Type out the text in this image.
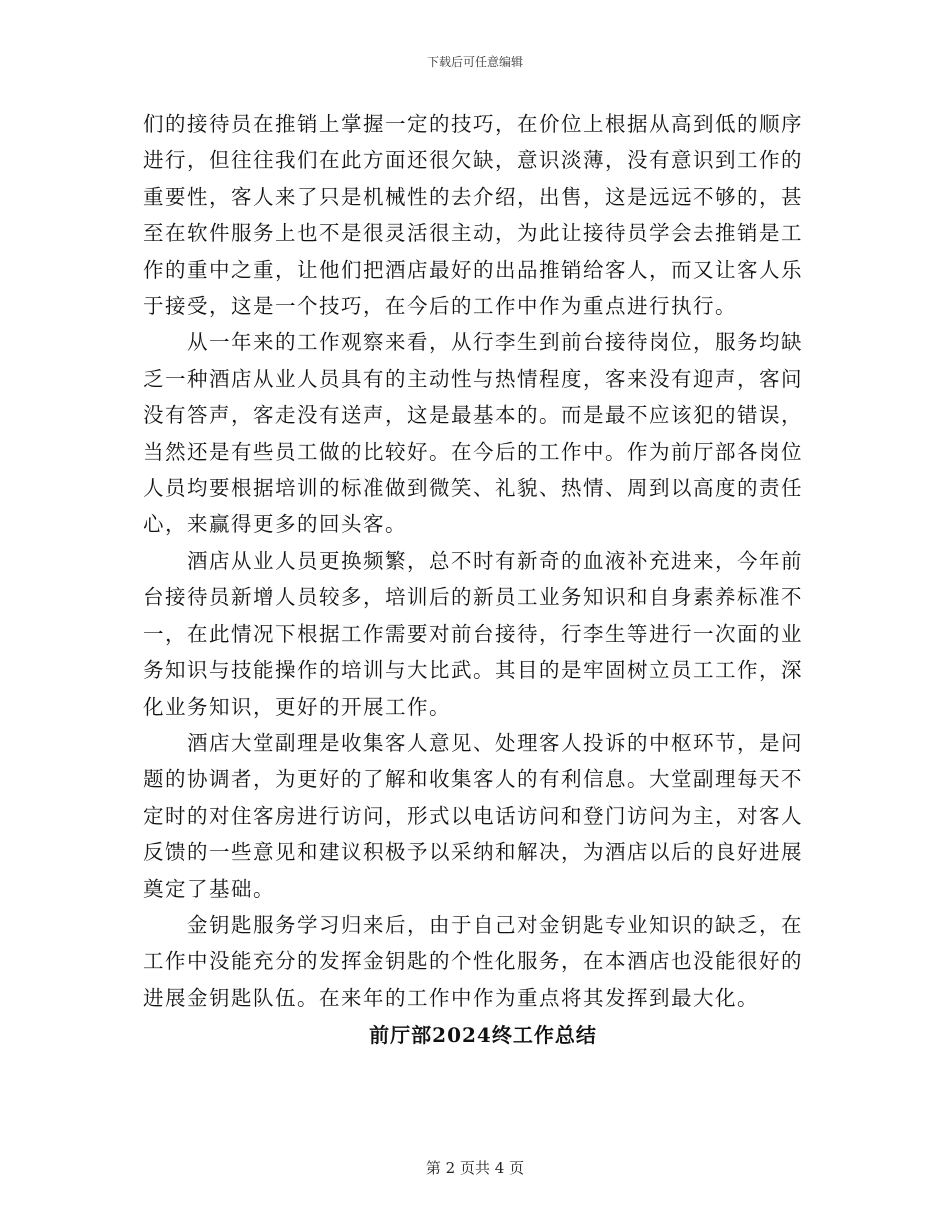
下载后可任意编辑

们的接待员在推销上掌握一定的技巧，在价位上根据从高到低的顺序进行，但往往我们在此方面还很欠缺，意识淡薄，没有意识到工作的重要性，客人来了只是机械性的去介绍，出售，这是远远不够的，甚至在软件服务上也不是很灵活很主动，为此让接待员学会去推销是工作的重中之重，让他们把酒店最好的出品推销给客人，而又让客人乐于接受，这是一个技巧，在今后的工作中作为重点进行执行。

从一年来的工作观察来看，从行李生到前台接待岗位，服务均缺乏一种酒店从业人员具有的主动性与热情程度，客来没有迎声，客问没有答声，客走没有送声，这是最基本的。而是最不应该犯的错误，当然还是有些员工做的比较好。在今后的工作中。作为前厅部各岗位人员均要根据培训的标准做到微笑、礼貌、热情、周到以高度的责任心，来赢得更多的回头客。

酒店从业人员更换频繁，总不时有新奇的血液补充进来，今年前台接待员新增人员较多，培训后的新员工业务知识和自身素养标准不一，在此情况下根据工作需要对前台接待，行李生等进行一次面的业务知识与技能操作的培训与大比武。其目的是牢固树立员工工作，深化业务知识，更好的开展工作。

酒店大堂副理是收集客人意见、处理客人投诉的中枢环节，是问题的协调者，为更好的了解和收集客人的有利信息。大堂副理每天不定时的对住客房进行访问，形式以电话访问和登门访问为主，对客人反馈的一些意见和建议积极予以采纳和解决，为酒店以后的良好进展奠定了基础。

金钥匙服务学习归来后，由于自己对金钥匙专业知识的缺乏，在工作中没能充分的发挥金钥匙的个性化服务，在本酒店也没能很好的进展金钥匙队伍。在来年的工作中作为重点将其发挥到最大化。

前厅部2024终工作总结
第 2 页共 4 页
